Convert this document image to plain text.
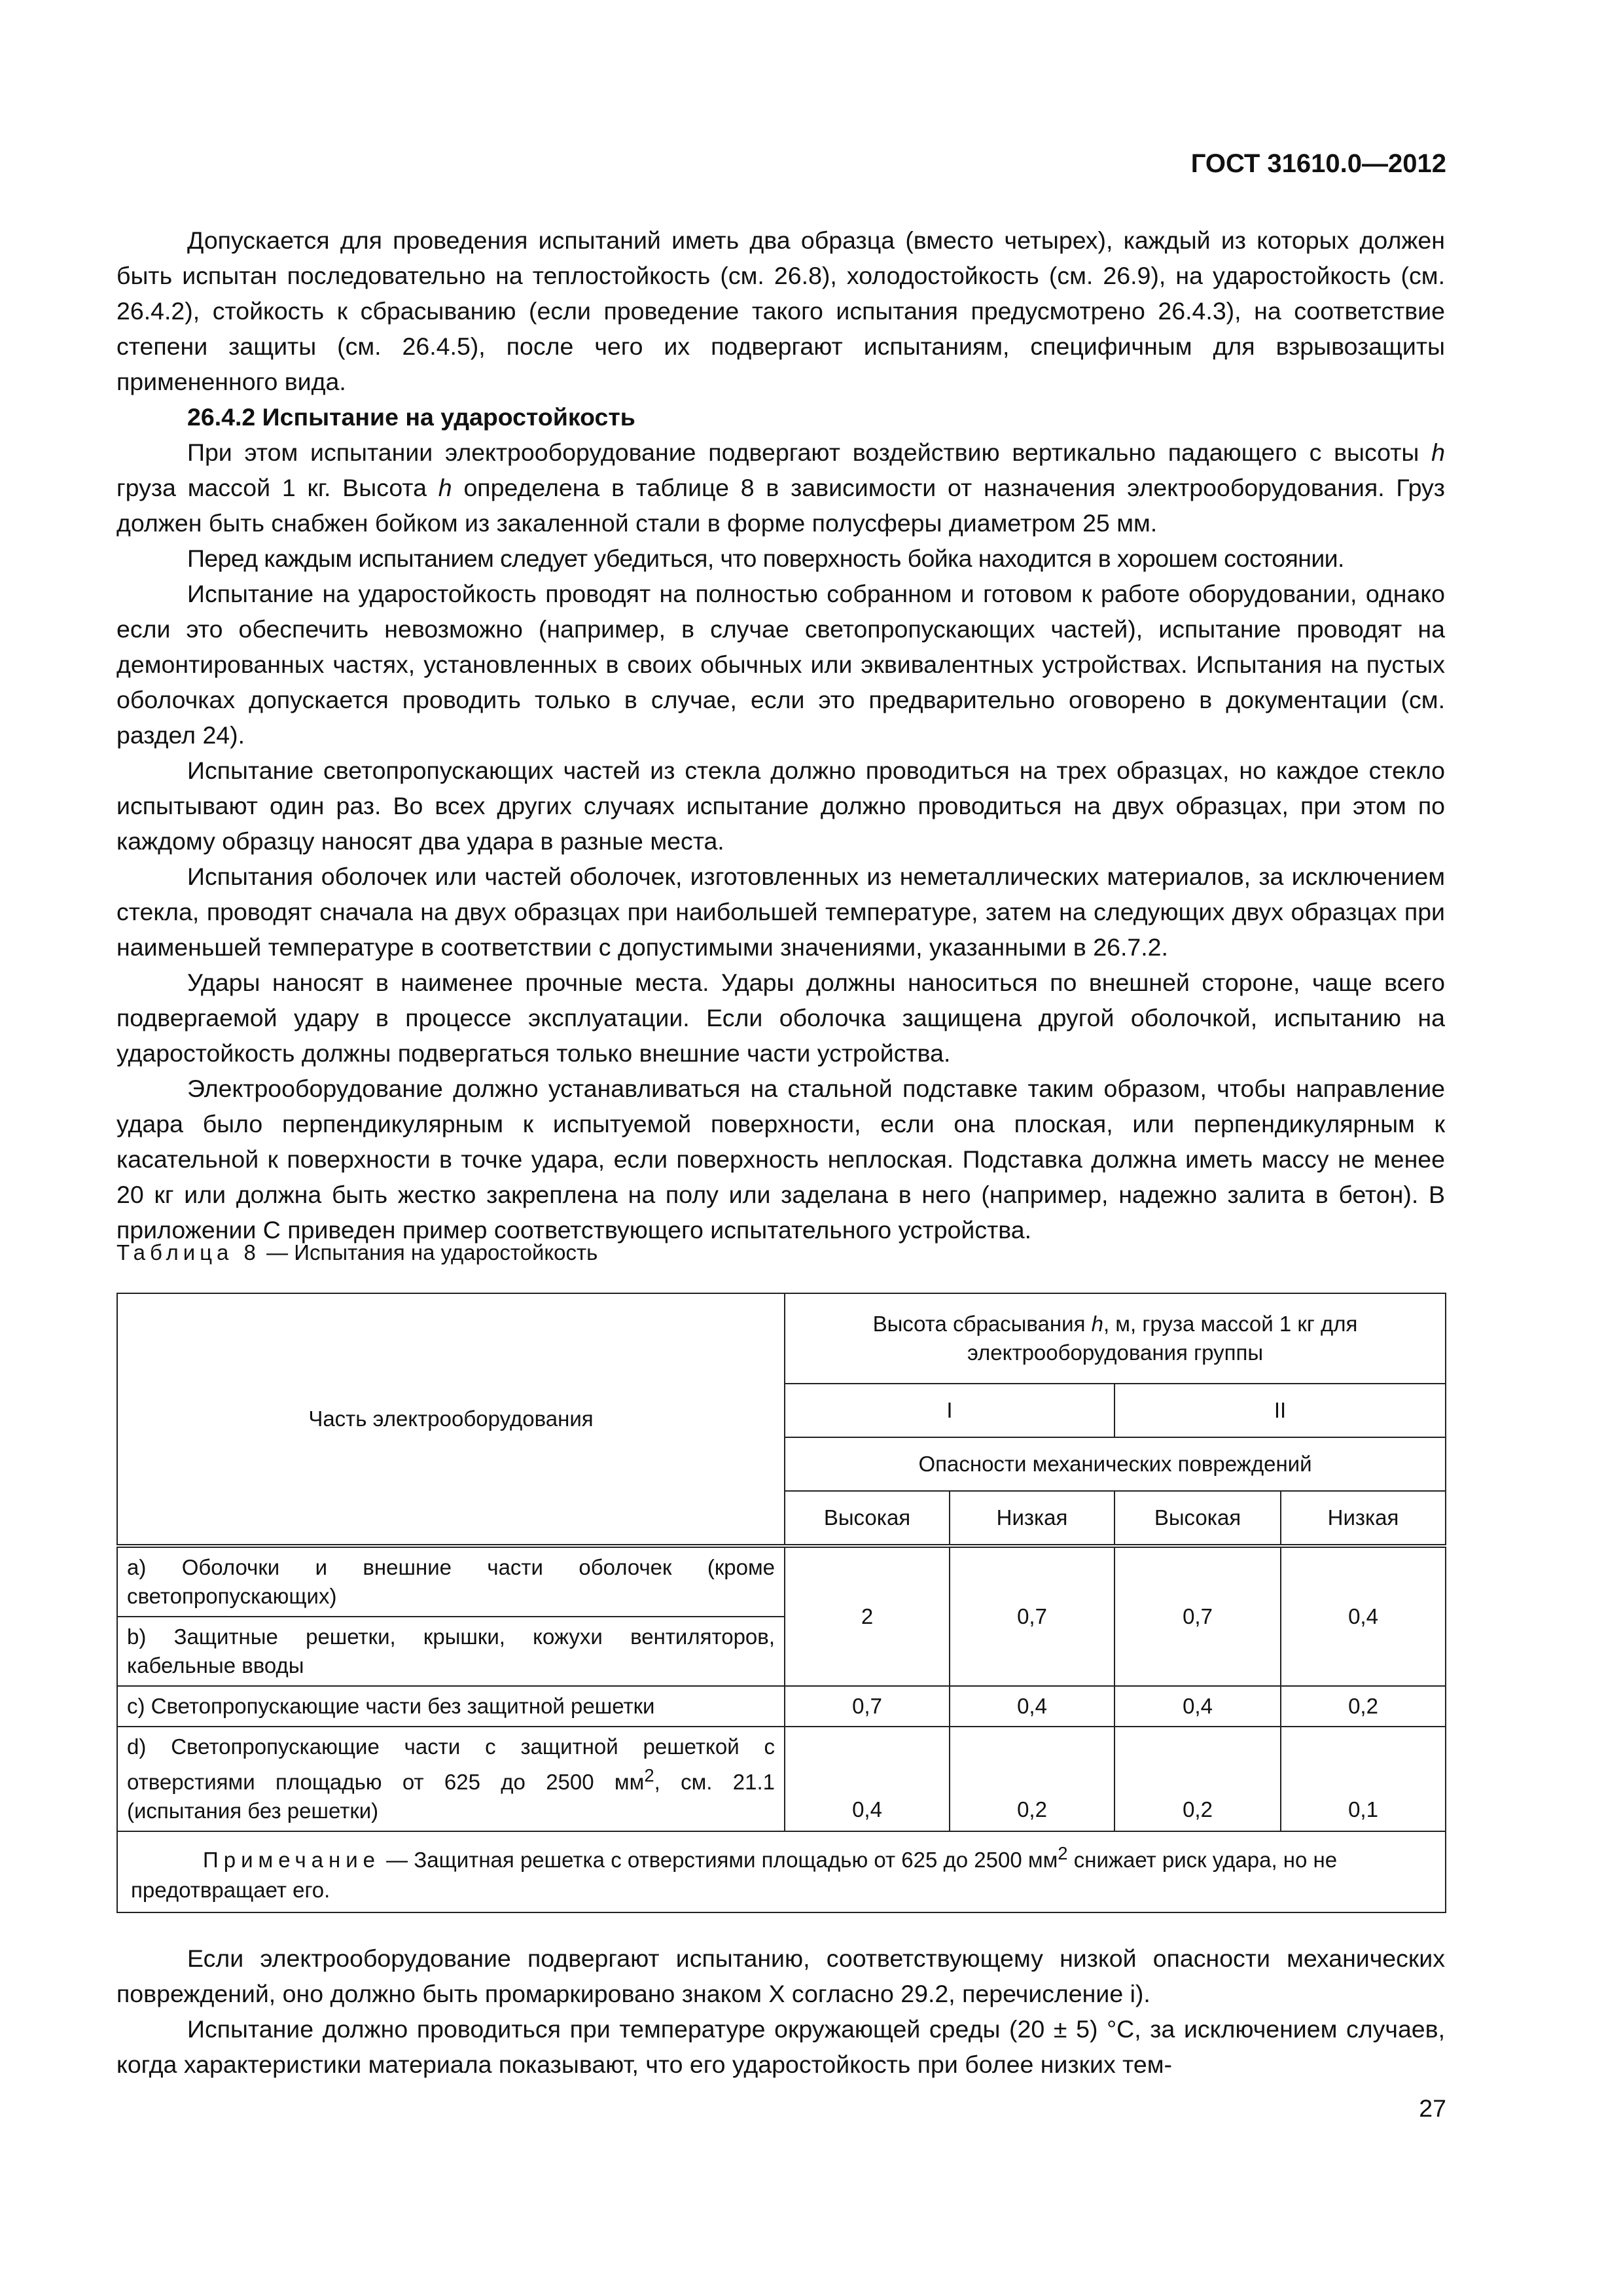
ГОСТ 31610.0—2012

Допускается для проведения испытаний иметь два образца (вместо четырех), каждый из которых должен быть испытан последовательно на теплостойкость (см. 26.8), холодостойкость (см. 26.9), на ударостойкость (см. 26.4.2), стойкость к сбрасыванию (если проведение такого испытания предусмотрено 26.4.3), на соответствие степени защиты (см. 26.4.5), после чего их подвергают испытаниям, специфичным для взрывозащиты примененного вида.

26.4.2 Испытание на ударостойкость

При этом испытании электрооборудование подвергают воздействию вертикально падающего с высоты h груза массой 1 кг. Высота h определена в таблице 8 в зависимости от назначения электрооборудования. Груз должен быть снабжен бойком из закаленной стали в форме полусферы диаметром 25 мм.

Перед каждым испытанием следует убедиться, что поверхность бойка находится в хорошем состоянии.

Испытание на ударостойкость проводят на полностью собранном и готовом к работе оборудовании, однако если это обеспечить невозможно (например, в случае светопропускающих частей), испытание проводят на демонтированных частях, установленных в своих обычных или эквивалентных устройствах. Испытания на пустых оболочках допускается проводить только в случае, если это предварительно оговорено в документации (см. раздел 24).

Испытание светопропускающих частей из стекла должно проводиться на трех образцах, но каждое стекло испытывают один раз. Во всех других случаях испытание должно проводиться на двух образцах, при этом по каждому образцу наносят два удара в разные места.

Испытания оболочек или частей оболочек, изготовленных из неметаллических материалов, за исключением стекла, проводят сначала на двух образцах при наибольшей температуре, затем на следующих двух образцах при наименьшей температуре в соответствии с допустимыми значениями, указанными в 26.7.2.

Удары наносят в наименее прочные места. Удары должны наноситься по внешней стороне, чаще всего подвергаемой удару в процессе эксплуатации. Если оболочка защищена другой оболочкой, испытанию на ударостойкость должны подвергаться только внешние части устройства.

Электрооборудование должно устанавливаться на стальной подставке таким образом, чтобы направление удара было перпендикулярным к испытуемой поверхности, если она плоская, или перпендикулярным к касательной к поверхности в точке удара, если поверхность неплоская. Подставка должна иметь массу не менее 20 кг или должна быть жестко закреплена на полу или заделана в него (например, надежно залита в бетон). В приложении С приведен пример соответствующего испытательного устройства.

Таблица 8 — Испытания на ударостойкость
Часть электрооборудования	Высота сбрасывания h, м, груза массой 1 кг для электрооборудования группы			
	I		II	
	Опасности механических повреждений			
	Высокая	Низкая	Высокая	Низкая
a) Оболочки и внешние части оболочек (кроме светопропускающих)	2	0,7	0,7	0,4
b) Защитные решетки, крышки, кожухи вентиляторов, кабельные вводы				
c) Светопропускающие части без защитной решетки	0,7	0,4	0,4	0,2
d) Светопропускающие части с защитной решеткой с отверстиями площадью от 625 до 2500 $мм^2$, см. 21.1 (испытания без решетки)	0,4	0,2	0,2	0,1
Примечание — Защитная решетка с отверстиями площадью от 625 до 2500 $мм^2$ снижает риск удара, но не предотвращает его.				

Если электрооборудование подвергают испытанию, соответствующему низкой опасности механических повреждений, оно должно быть промаркировано знаком Х согласно 29.2, перечисление i).

Испытание должно проводиться при температуре окружающей среды (20 ± 5) °С, за исключением случаев, когда характеристики материала показывают, что его ударостойкость при более низких тем-

27
